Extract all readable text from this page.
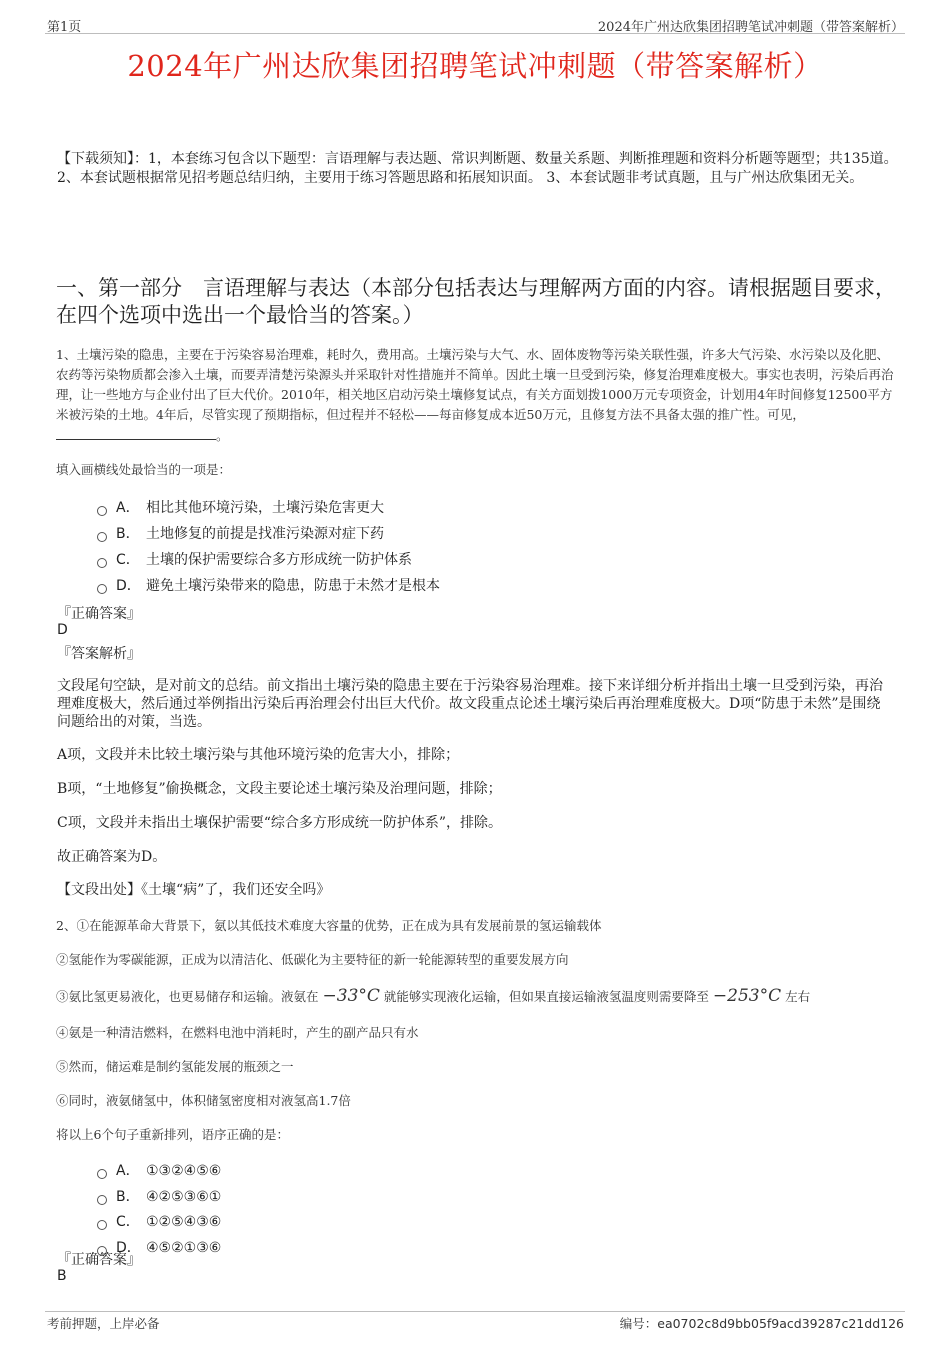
第1页	2024年广州达欣集团招聘笔试冲刺题（带答案解析）
2024年广州达欣集团招聘笔试冲刺题（带答案解析）
【下载须知】：1，本套练习包含以下题型：言语理解与表达题、常识判断题、数量关系题、判断推理题和资料分析题等题型；共135道。 2、本套试题根据常见招考题总结归纳，主要用于练习答题思路和拓展知识面。 3、本套试题非考试真题，且与广州达欣集团无关。
一、第一部分　言语理解与表达（本部分包括表达与理解两方面的内容。请根据题目要求，在四个选项中选出一个最恰当的答案。）
1、土壤污染的隐患，主要在于污染容易治理难，耗时久，费用高。土壤污染与大气、水、固体废物等污染关联性强，许多大气污染、水污染以及化肥、农药等污染物质都会渗入土壤，而要弄清楚污染源头并采取针对性措施并不简单。因此土壤一旦受到污染，修复治理难度极大。事实也表明，污染后再治理，让一些地方与企业付出了巨大代价。2010年，相关地区启动污染土壤修复试点，有关方面划拨1000万元专项资金，计划用4年时间修复12500平方米被污染的土地。4年后，尽管实现了预期指标，但过程并不轻松——每亩修复成本近50万元，且修复方法不具备太强的推广性。可见，。
填入画横线处最恰当的一项是：
A． 相比其他环境污染，土壤污染危害更大
B． 土地修复的前提是找准污染源对症下药
C． 土壤的保护需要综合多方形成统一防护体系
D． 避免土壤污染带来的隐患，防患于未然才是根本
『正确答案』
D
『答案解析』
文段尾句空缺，是对前文的总结。前文指出土壤污染的隐患主要在于污染容易治理难。接下来详细分析并指出土壤一旦受到污染，再治理难度极大，然后通过举例指出污染后再治理会付出巨大代价。故文段重点论述土壤污染后再治理难度极大。D项“防患于未然”是围绕问题给出的对策，当选。
A项，文段并未比较土壤污染与其他环境污染的危害大小，排除；
B项，“土地修复”偷换概念，文段主要论述土壤污染及治理问题，排除；
C项，文段并未指出土壤保护需要“综合多方形成统一防护体系”，排除。
故正确答案为D。
【文段出处】《土壤“病”了，我们还安全吗》
2、①在能源革命大背景下，氨以其低技术难度大容量的优势，正在成为具有发展前景的氢运输载体
②氢能作为零碳能源，正成为以清洁化、低碳化为主要特征的新一轮能源转型的重要发展方向
③氨比氢更易液化，也更易储存和运输。液氨在 −33°C 就能够实现液化运输，但如果直接运输液氢温度则需要降至 −253°C 左右
④氨是一种清洁燃料，在燃料电池中消耗时，产生的副产品只有水
⑤然而，储运难是制约氢能发展的瓶颈之一
⑥同时，液氨储氢中，体积储氢密度相对液氢高1.7倍
将以上6个句子重新排列，语序正确的是：
A． ①③②④⑤⑥
B． ④②⑤③⑥①
C． ①②⑤④③⑥
D． ④⑤②①③⑥
『正确答案』
B
考前押题，上岸必备	编号：ea0702c8d9bb05f9acd39287c21dd126
